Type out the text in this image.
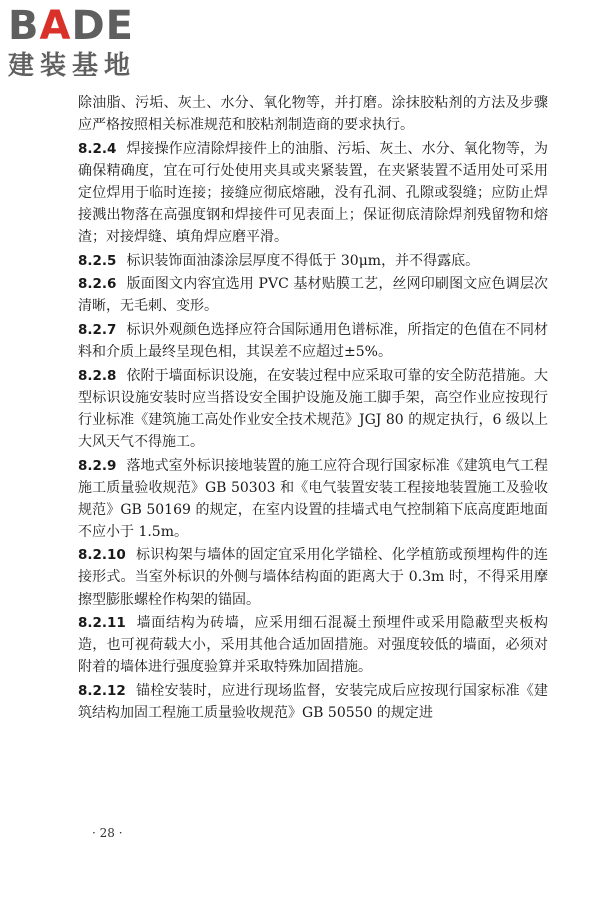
BADE
建装基地

除油脂、污垢、灰土、水分、氧化物等，并打磨。涂抹胶粘剂的方法及步骤应严格按照相关标准规范和胶粘剂制造商的要求执行。

8.2.4 焊接操作应清除焊接件上的油脂、污垢、灰土、水分、氧化物等，为确保精确度，宜在可行处使用夹具或夹紧装置，在夹紧装置不适用处可采用定位焊用于临时连接；接缝应彻底熔融，没有孔洞、孔隙或裂缝；应防止焊接溅出物落在高强度钢和焊接件可见表面上；保证彻底清除焊剂残留物和熔渣；对接焊缝、填角焊应磨平滑。

8.2.5 标识装饰面油漆涂层厚度不得低于 30μm，并不得露底。

8.2.6 版面图文内容宜选用 PVC 基材贴膜工艺，丝网印刷图文应色调层次清晰，无毛刺、变形。

8.2.7 标识外观颜色选择应符合国际通用色谱标准，所指定的色值在不同材料和介质上最终呈现色相，其误差不应超过±5%。

8.2.8 依附于墙面标识设施，在安装过程中应采取可靠的安全防范措施。大型标识设施安装时应当搭设安全围护设施及施工脚手架，高空作业应按现行行业标准《建筑施工高处作业安全技术规范》JGJ 80 的规定执行，6 级以上大风天气不得施工。

8.2.9 落地式室外标识接地装置的施工应符合现行国家标准《建筑电气工程施工质量验收规范》GB 50303 和《电气装置安装工程接地装置施工及验收规范》GB 50169 的规定，在室内设置的挂墙式电气控制箱下底高度距地面不应小于 1.5m。

8.2.10 标识构架与墙体的固定宜采用化学锚栓、化学植筋或预埋构件的连接形式。当室外标识的外侧与墙体结构面的距离大于 0.3m 时，不得采用摩擦型膨胀螺栓作构架的锚固。

8.2.11 墙面结构为砖墙，应采用细石混凝土预埋件或采用隐蔽型夹板构造，也可视荷载大小，采用其他合适加固措施。对强度较低的墙面，必须对附着的墙体进行强度验算并采取特殊加固措施。

8.2.12 锚栓安装时，应进行现场监督，安装完成后应按现行国家标准《建筑结构加固工程施工质量验收规范》GB 50550 的规定进

· 28 ·
